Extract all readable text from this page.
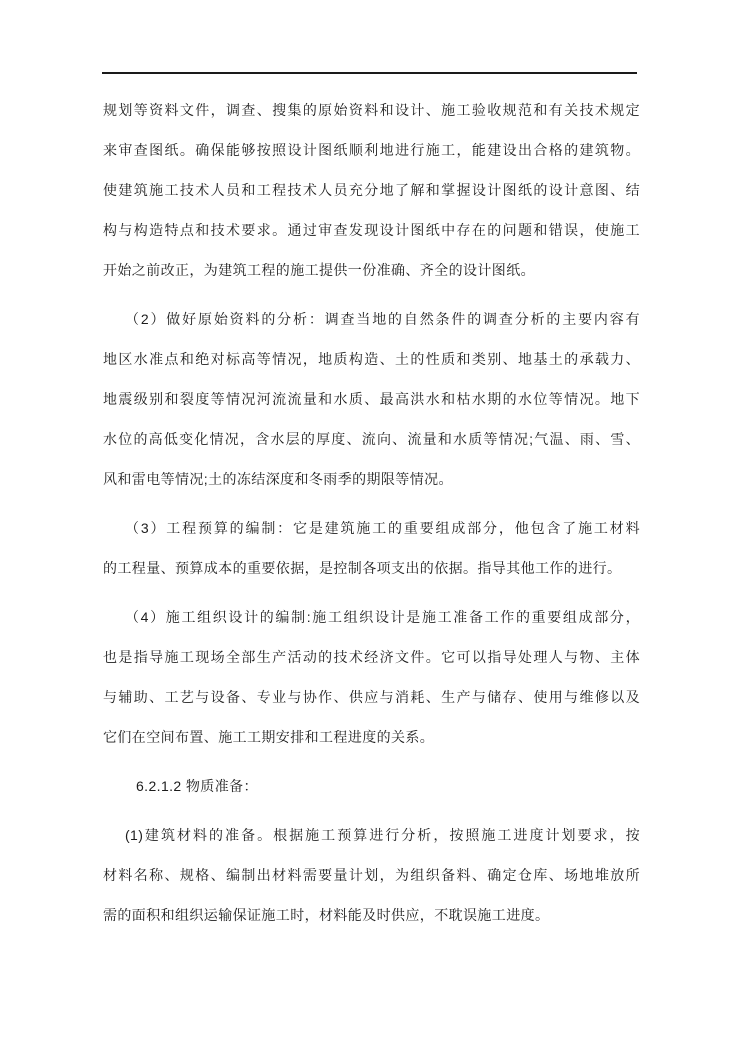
规划等资料文件，调查、搜集的原始资料和设计、施工验收规范和有关技术规定
来审查图纸。确保能够按照设计图纸顺利地进行施工，能建设出合格的建筑物。
使建筑施工技术人员和工程技术人员充分地了解和掌握设计图纸的设计意图、结
构与构造特点和技术要求。通过审查发现设计图纸中存在的问题和错误，使施工
开始之前改正，为建筑工程的施工提供一份准确、齐全的设计图纸。
（2）做好原始资料的分析：调查当地的自然条件的调查分析的主要内容有
地区水准点和绝对标高等情况，地质构造、土的性质和类别、地基土的承载力、
地震级别和裂度等情况河流流量和水质、最高洪水和枯水期的水位等情况。地下
水位的高低变化情况，含水层的厚度、流向、流量和水质等情况;气温、雨、雪、
风和雷电等情况;土的冻结深度和冬雨季的期限等情况。
（3）工程预算的编制：它是建筑施工的重要组成部分，他包含了施工材料
的工程量、预算成本的重要依据，是控制各项支出的依据。指导其他工作的进行。
（4）施工组织设计的编制:施工组织设计是施工准备工作的重要组成部分，
也是指导施工现场全部生产活动的技术经济文件。它可以指导处理人与物、主体
与辅助、工艺与设备、专业与协作、供应与消耗、生产与储存、使用与维修以及
它们在空间布置、施工工期安排和工程进度的关系。
6.2.1.2 物质准备：
(1)建筑材料的准备。根据施工预算进行分析，按照施工进度计划要求，按
材料名称、规格、编制出材料需要量计划，为组织备料、确定仓库、场地堆放所
需的面积和组织运输保证施工时，材料能及时供应，不耽误施工进度。
